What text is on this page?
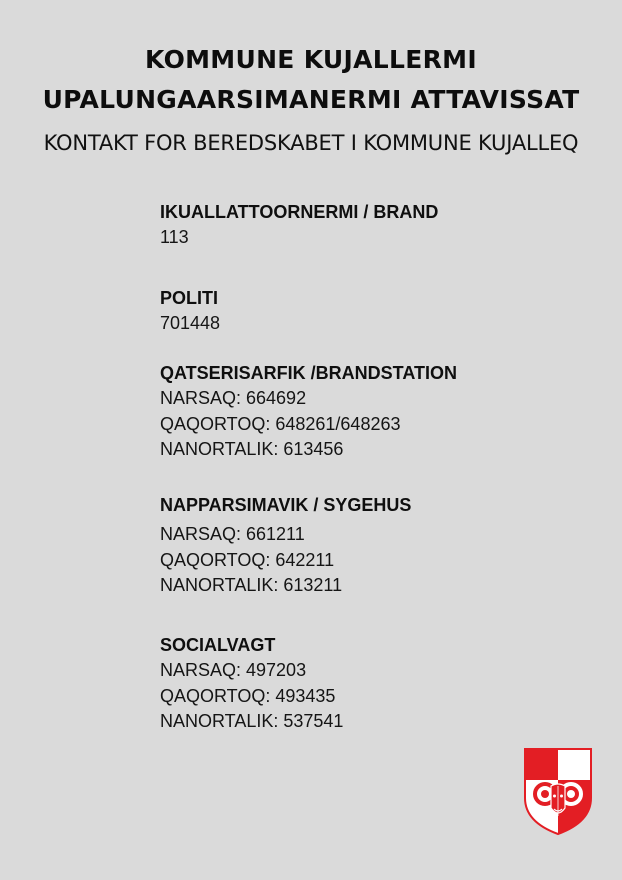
KOMMUNE KUJALLERMI
UPALUNGAARSIMANERMI ATTAVISSAT
KONTAKT FOR BEREDSKABET I KOMMUNE KUJALLEQ
IKUALLATTOORNERMI / BRAND
113
POLITI
701448
QATSERISARFIK /BRANDSTATION
NARSAQ: 664692
QAQORTOQ: 648261/648263
NANORTALIK: 613456
NAPPARSIMAVIK / SYGEHUS
NARSAQ: 661211
QAQORTOQ: 642211
NANORTALIK: 613211
SOCIALVAGT
NARSAQ: 497203
QAQORTOQ: 493435
NANORTALIK: 537541
